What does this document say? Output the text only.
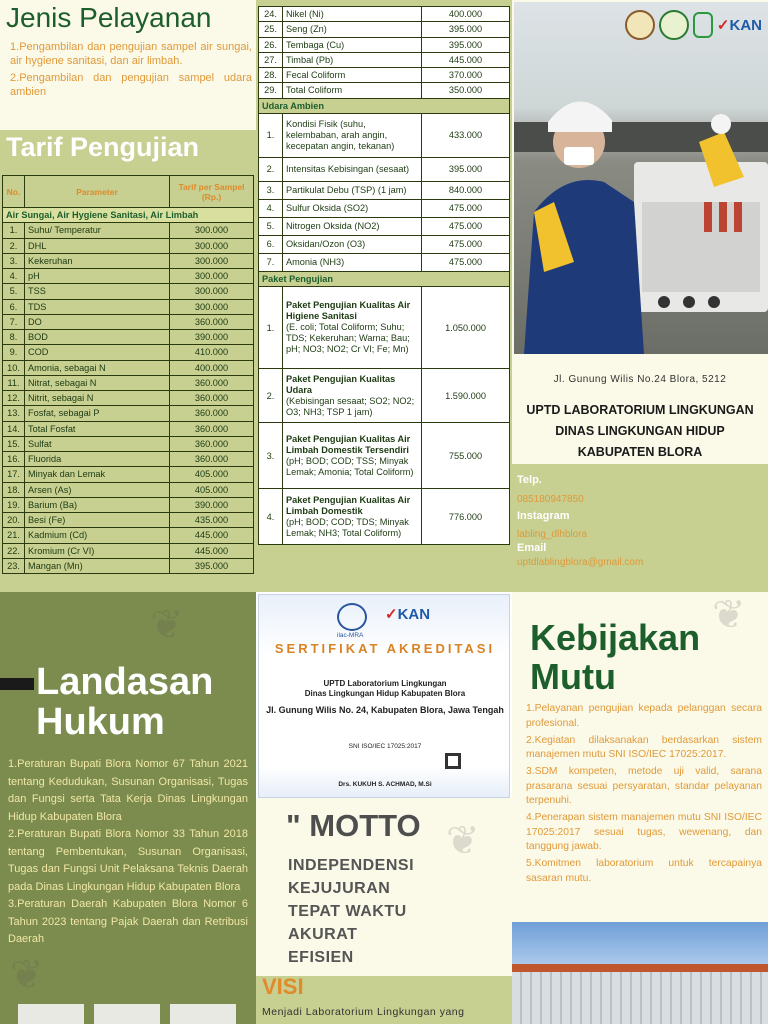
Jenis Pelayanan
1.Pengambilan dan pengujian sampel air sungai, air hygiene sanitasi, dan air limbah.
2.Pengambilan dan pengujian sampel udara ambien
Tarif Pengujian
No.	Parameter	Tarif per Sampel (Rp.)
Air Sungai, Air Hygiene Sanitasi, Air Limbah		
1.	Suhu/ Temperatur	300.000
2.	DHL	300.000
3.	Kekeruhan	300.000
4.	pH	300.000
5.	TSS	300.000
6.	TDS	300.000
7.	DO	360.000
8.	BOD	390.000
9.	COD	410.000
10.	Amonia, sebagai N	400.000
11.	Nitrat, sebagai N	360.000
12.	Nitrit, sebagai N	360.000
13.	Fosfat, sebagai P	360.000
14.	Total Fosfat	360.000
15.	Sulfat	360.000
16.	Fluorida	360.000
17.	Minyak dan Lemak	405.000
18.	Arsen (As)	405.000
19.	Barium (Ba)	390.000
20.	Besi (Fe)	435.000
21.	Kadmium (Cd)	445.000
22.	Kromium (Cr VI)	445.000
23.	Mangan (Mn)	395.000
24.	Nikel (Ni)	400.000
25.	Seng (Zn)	395.000
26.	Tembaga (Cu)	395.000
27.	Timbal (Pb)	445.000
28.	Fecal Coliform	370.000
29.	Total Coliform	350.000
Udara Ambien		
1.	Kondisi Fisik (suhu, kelembaban, arah angin, kecepatan angin, tekanan)	433.000
2.	Intensitas Kebisingan (sesaat)	395.000
3.	Partikulat Debu (TSP) (1 jam)	840.000
4.	Sulfur Oksida (SO2)	475.000
5.	Nitrogen Oksida (NO2)	475.000
6.	Oksidan/Ozon (O3)	475.000
7.	Amonia (NH3)	475.000
Paket Pengujian		
1.	Paket Pengujian Kualitas Air Higiene Sanitasi
(E. coli; Total Coliform; Suhu; TDS; Kekeruhan; Warna; Bau; pH; NO3; NO2; Cr VI; Fe; Mn)	1.050.000
2.	Paket Pengujian Kualitas Udara
(Kebisingan sesaat; SO2; NO2; O3; NH3; TSP 1 jam)	1.590.000
3.	Paket Pengujian Kualitas Air Limbah Domestik Tersendiri
(pH; BOD; COD; TSS; Minyak Lemak; Amonia; Total Coliform)	755.000
4.	Paket Pengujian Kualitas Air Limbah Domestik
(pH; BOD; COD; TDS; Minyak Lemak; NH3; Total Coliform)	776.000
✓KAN
Jl. Gunung Wilis No.24 Blora, 5212
UPTD LABORATORIUM LINGKUNGAN
DINAS LINGKUNGAN HIDUP
KABUPATEN BLORA
Telp.
085180947850
Instagram
labling_dlhblora
Email
uptdlablingblora@gmail.com
❦
❦
Landasan
Hukum
1.Peraturan Bupati Blora Nomor 67 Tahun 2021 tentang Kedudukan, Susunan Organisasi, Tugas dan Fungsi serta Tata Kerja Dinas Lingkungan Hidup Kabupaten Blora
2.Peraturan Bupati Blora Nomor 33 Tahun 2018 tentang Pembentukan, Susunan Organisasi, Tugas dan Fungsi Unit Pelaksana Teknis Daerah pada Dinas Lingkungan Hidup Kabupaten Blora
3.Peraturan Daerah Kabupaten Blora Nomor 6 Tahun 2023 tentang Pajak Daerah dan Retribusi Daerah
ilac-MRA
✓KAN
SERTIFIKAT AKREDITASI
UPTD Laboratorium Lingkungan
Dinas Lingkungan Hidup Kabupaten Blora
Jl. Gunung Wilis No. 24, Kabupaten Blora, Jawa Tengah
SNI ISO/IEC 17025:2017
Drs. KUKUH S. ACHMAD, M.Si
❦
" MOTTO
INDEPENDENSI
KEJUJURAN
TEPAT WAKTU
AKURAT
EFISIEN
VISI
Menjadi Laboratorium Lingkungan yang
❦
Kebijakan
Mutu
1.Pelayanan pengujian kepada pelanggan secara profesional.
2.Kegiatan dilaksanakan berdasarkan sistem manajemen mutu SNI ISO/IEC 17025:2017.
3.SDM kompeten, metode uji valid, sarana prasarana sesuai persyaratan, standar pelayanan terpenuhi.
4.Penerapan sistem manajemen mutu SNI ISO/IEC 17025:2017 sesuai tugas, wewenang, dan tanggung jawab.
5.Komitmen laboratorium untuk tercapainya sasaran mutu.
